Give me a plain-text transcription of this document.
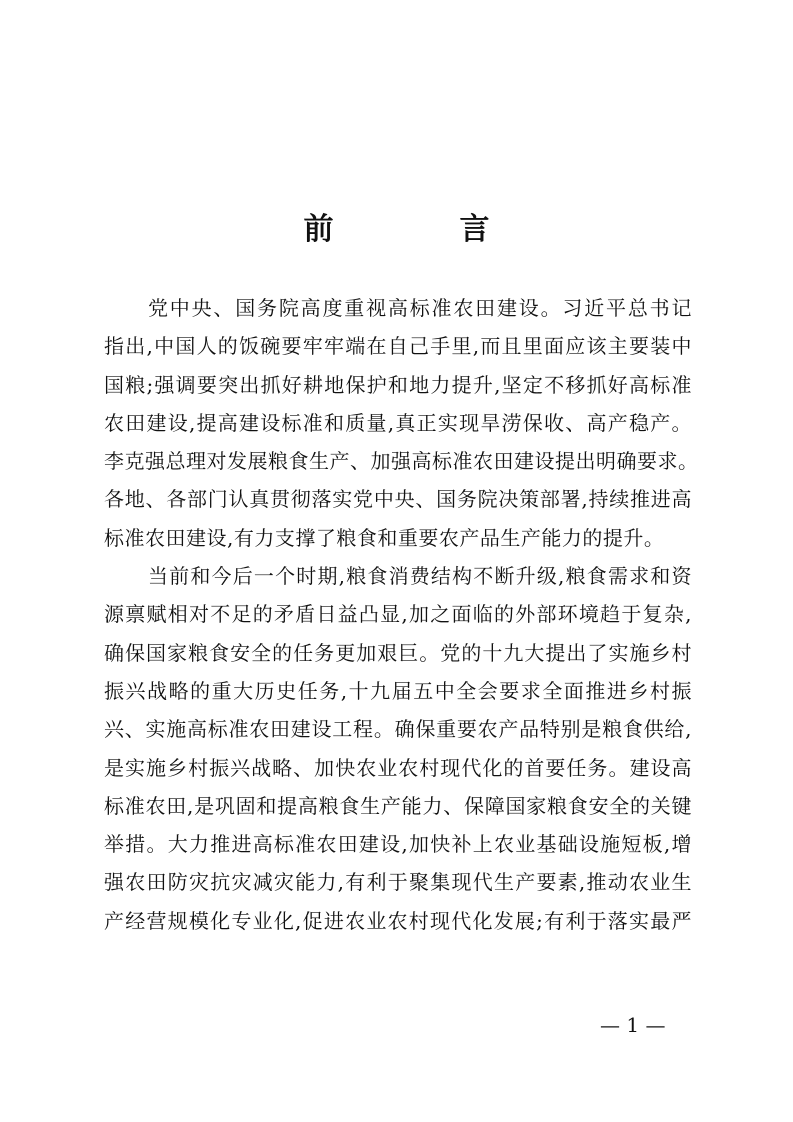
前　言
党中央、国务院高度重视高标准农田建设。习近平总书记
指出,中国人的饭碗要牢牢端在自己手里,而且里面应该主要装中
国粮;强调要突出抓好耕地保护和地力提升,坚定不移抓好高标准
农田建设,提高建设标准和质量,真正实现旱涝保收、高产稳产。
李克强总理对发展粮食生产、加强高标准农田建设提出明确要求。
各地、各部门认真贯彻落实党中央、国务院决策部署,持续推进高
标准农田建设,有力支撑了粮食和重要农产品生产能力的提升。
当前和今后一个时期,粮食消费结构不断升级,粮食需求和资
源禀赋相对不足的矛盾日益凸显,加之面临的外部环境趋于复杂,
确保国家粮食安全的任务更加艰巨。党的十九大提出了实施乡村
振兴战略的重大历史任务,十九届五中全会要求全面推进乡村振
兴、实施高标准农田建设工程。确保重要农产品特别是粮食供给,
是实施乡村振兴战略、加快农业农村现代化的首要任务。建设高
标准农田,是巩固和提高粮食生产能力、保障国家粮食安全的关键
举措。大力推进高标准农田建设,加快补上农业基础设施短板,增
强农田防灾抗灾减灾能力,有利于聚集现代生产要素,推动农业生
产经营规模化专业化,促进农业农村现代化发展;有利于落实最严
— 1 —
